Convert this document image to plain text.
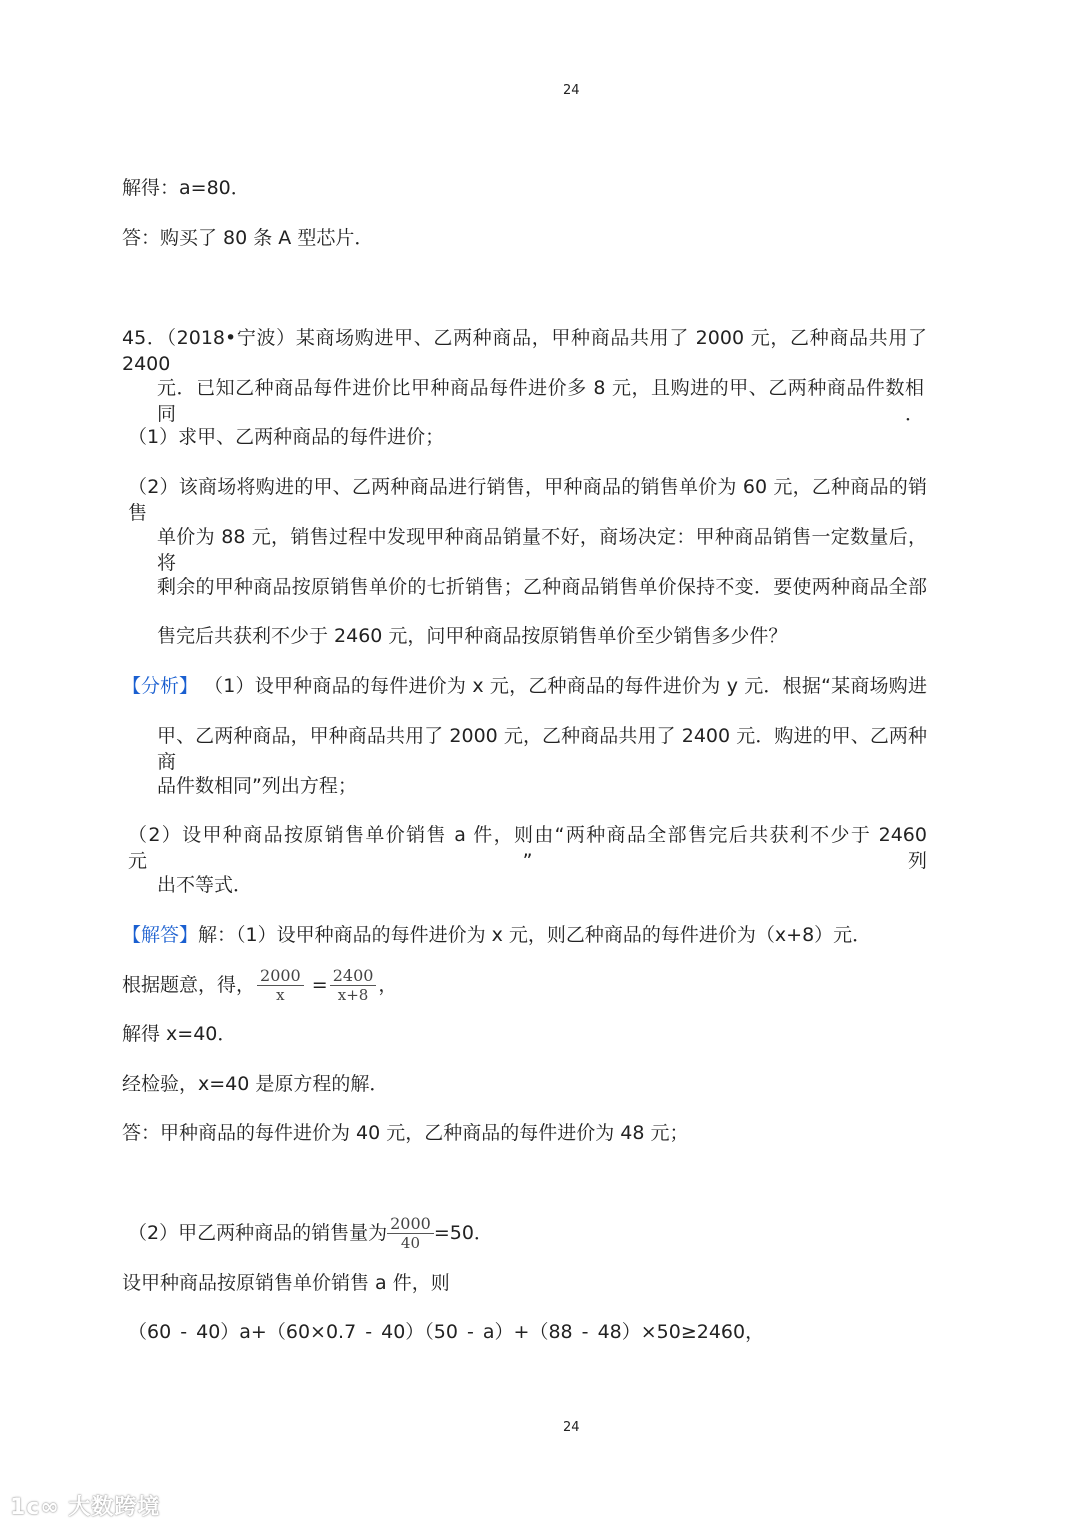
24
解得：a=80．
答：购买了 80 条 A 型芯片．
45．（2018•宁波）某商场购进甲、乙两种商品，甲种商品共用了 2000 元，乙种商品共用了 2400
元．已知乙种商品每件进价比甲种商品每件进价多 8 元，且购进的甲、乙两种商品件数相同．
（1）求甲、乙两种商品的每件进价；
（2）该商场将购进的甲、乙两种商品进行销售，甲种商品的销售单价为 60 元，乙种商品的销售
单价为 88 元，销售过程中发现甲种商品销量不好，商场决定：甲种商品销售一定数量后，将
剩余的甲种商品按原销售单价的七折销售；乙种商品销售单价保持不变．要使两种商品全部
售完后共获利不少于 2460 元，问甲种商品按原销售单价至少销售多少件？
【分析】 （1）设甲种商品的每件进价为 x 元，乙种商品的每件进价为 y 元．根据“某商场购进
甲、乙两种商品，甲种商品共用了 2000 元，乙种商品共用了 2400 元．购进的甲、乙两种商
品件数相同”列出方程；
（2）设甲种商品按原销售单价销售 a 件，则由“两种商品全部售完后共获利不少于 2460 元”列
出不等式．
【解答】解：（1）设甲种商品的每件进价为 x 元，则乙种商品的每件进价为（x+8）元．
根据题意，得， $\frac{2000}{x} = \frac{2400}{x+8}$ ，
解得 x=40．
经检验，x=40 是原方程的解．
答：甲种商品的每件进价为 40 元，乙种商品的每件进价为 48 元；
（2）甲乙两种商品的销售量为 $\frac{2000}{40} =50$．
设甲种商品按原销售单价销售 a 件，则
（60 - 40）a+（60×0.7 - 40）（50 - a）+（88 - 48）×50≥2460，
24
1c∞ 大数跨境
